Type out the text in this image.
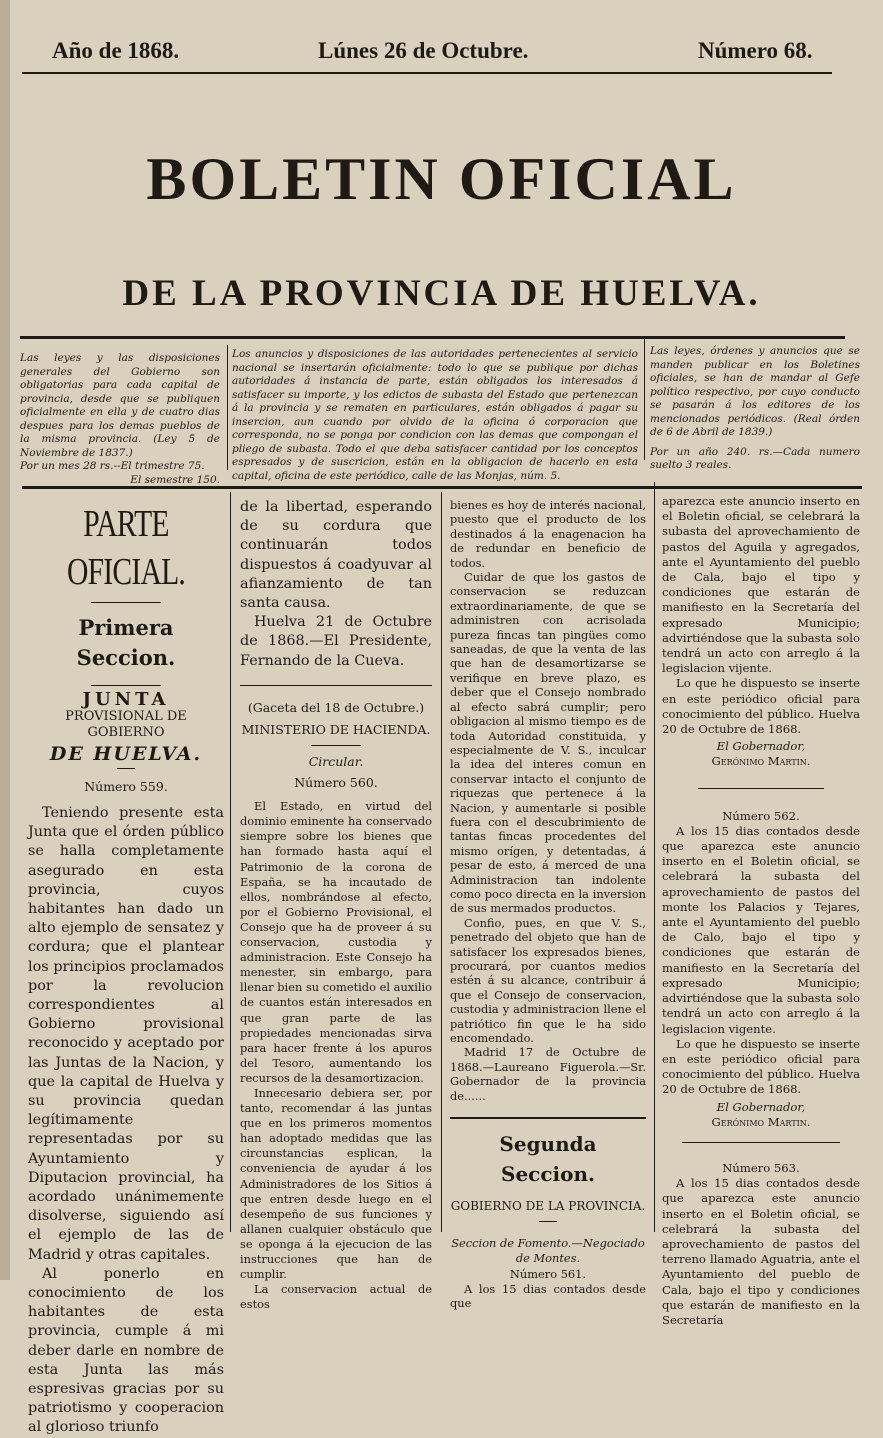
Año de 1868.	Lúnes 26 de Octubre.	Número 68.
BOLETIN OFICIAL
DE LA PROVINCIA DE HUELVA.
Las leyes y las disposiciones generales del Gobierno son obligatorias para cada capital de provincia, desde que se publiquen oficialmente en ella y de cuatro dias despues para los demas pueblos de la misma provincia. (Ley 5 de Noviembre de 1837.)
Por un mes 28 rs.--El trimestre 75.
El semestre 150.
Los anuncios y disposiciones de las autoridades pertenecientes al servicio nacional se insertarán oficialmente: todo lo que se publique por dichas autoridades á instancia de parte, están obligados los interesados á satisfacer su importe, y los edictos de subasta del Estado que pertenezcan á la provincia y se rematen en particulares, están obligados á pagar su insercion, aun cuando por olvido de la oficina ó corporacion que corresponda, no se ponga por condicion con las demas que compongan el pliego de subasta. Todo el que deba satisfacer cantidad por los conceptos espresados y de suscricion, están en la obligacion de hacerlo en esta capital, oficina de este periódico, calle de las Monjas, núm. 5.
Las leyes, órdenes y anuncios que se manden publicar en los Boletines oficiales, se han de mandar al Gefe político respectivo, por cuyo conducto se pasarán á los editores de los mencionados periódicos. (Real órden de 6 de Abril de 1839.)
Por un año 240. rs.—Cada numero suelto 3 reales.
PARTE OFICIAL.
Primera Seccion.
JUNTA
PROVISIONAL DE GOBIERNO
DE HUELVA.
Número 559.

Teniendo presente esta Junta que el órden público se halla completamente asegurado en esta provincia, cuyos habitantes han dado un alto ejemplo de sensatez y cordura; que el plantear los principios proclamados por la revolucion correspondientes al Gobierno provisional reconocido y aceptado por las Juntas de la Nacion, y que la capital de Huelva y su provincia quedan legítimamente representadas por su Ayuntamiento y Diputacion provincial, ha acordado unánimemente disolverse, siguiendo así el ejemplo de las de Madrid y otras capitales.

Al ponerlo en conocimiento de los habitantes de esta provincia, cumple á mi deber darle en nombre de esta Junta las más espresivas gracias por su patriotismo y cooperacion al glorioso triunfo

de la libertad, esperando de su cordura que continuarán todos dispuestos á coadyuvar al afianzamiento de tan santa causa.

Huelva 21 de Octubre de 1868.—El Presidente, Fernando de la Cueva.

(Gaceta del 18 de Octubre.)
MINISTERIO DE HACIENDA.
Circular.
Número 560.

El Estado, en virtud del dominio eminente ha conservado siempre sobre los bienes que han formado hasta aquí el Patrimonio de la corona de España, se ha incautado de ellos, nombrándose al efecto, por el Gobierno Provisional, el Consejo que ha de proveer á su conservacion, custodia y administracion. Este Consejo ha menester, sin embargo, para llenar bien su cometido el auxilio de cuantos están interesados en que gran parte de las propiedades mencionadas sirva para hacer frente á los apuros del Tesoro, aumentando los recursos de la desamortizacion.

Innecesario debiera ser, por tanto, recomendar á las juntas que en los primeros momentos han adoptado medidas que las circunstancias esplican, la conveniencia de ayudar á los Administradores de los Sitios á que entren desde luego en el desempeño de sus funciones y allanen cualquier obstáculo que se oponga á la ejecucion de las instrucciones que han de cumplir.

La conservacion actual de estos

bienes es hoy de interés nacional, puesto que el producto de los destinados á la enagenacion ha de redundar en beneficio de todos.

Cuidar de que los gastos de conservacion se reduzcan extraordinariamente, de que se administren con acrisolada pureza fincas tan pingües como saneadas, de que la venta de las que han de desamortizarse se verifique en breve plazo, es deber que el Consejo nombrado al efecto sabrá cumplir; pero obligacion al mismo tiempo es de toda Autoridad constituida, y especialmente de V. S., inculcar la idea del interes comun en conservar intacto el conjunto de riquezas que pertenece á la Nacion, y aumentarle si posible fuera con el descubrimiento de tantas fincas procedentes del mismo orígen, y detentadas, á pesar de esto, á merced de una Administracion tan indolente como poco directa en la inversion de sus mermados productos.

Confio, pues, en que V. S., penetrado del objeto que han de satisfacer los expresados bienes, procurará, por cuantos medios estén á su alcance, contribuir á que el Consejo de conservacion, custodia y administracion llene el patriótico fin que le ha sido encomendado.

Madrid 17 de Octubre de 1868.—Laureano Figuerola.—Sr. Gobernador de la provincia de......

Segunda Seccion.
GOBIERNO DE LA PROVINCIA.
Seccion de Fomento.—Negociado de Montes.
Número 561.

A los 15 dias contados desde que

aparezca este anuncio inserto en el Boletin oficial, se celebrará la subasta del aprovechamiento de pastos del Aguila y agregados, ante el Ayuntamiento del pueblo de Cala, bajo el tipo y condiciones que estarán de manifiesto en la Secretaría del expresado Municipio; advirtiéndose que la subasta solo tendrá un acto con arreglo á la legislacion vijente.

Lo que he dispuesto se inserte en este periódico oficial para conocimiento del público. Huelva 20 de Octubre de 1868.

El Gobernador,
Gerónimo Martin.
Número 562.

A los 15 dias contados desde que aparezca este anuncio inserto en el Boletin oficial, se celebrará la subasta del aprovechamiento de pastos del monte los Palacios y Tejares, ante el Ayuntamiento del pueblo de Calo, bajo el tipo y condiciones que estarán de manifiesto en la Secretaría del expresado Municipio; advirtiéndose que la subasta solo tendrá un acto con arreglo á la legislacion vigente.

Lo que he dispuesto se inserte en este periódico oficial para conocimiento del público. Huelva 20 de Octubre de 1868.

El Gobernador,
Gerónimo Martin.
Número 563.

A los 15 dias contados desde que aparezca este anuncio inserto en el Boletin oficial, se celebrará la subasta del aprovechamiento de pastos del terreno llamado Aguatria, ante el Ayuntamiento del pueblo de Cala, bajo el tipo y condiciones que estarán de manifiesto en la Secretaría
